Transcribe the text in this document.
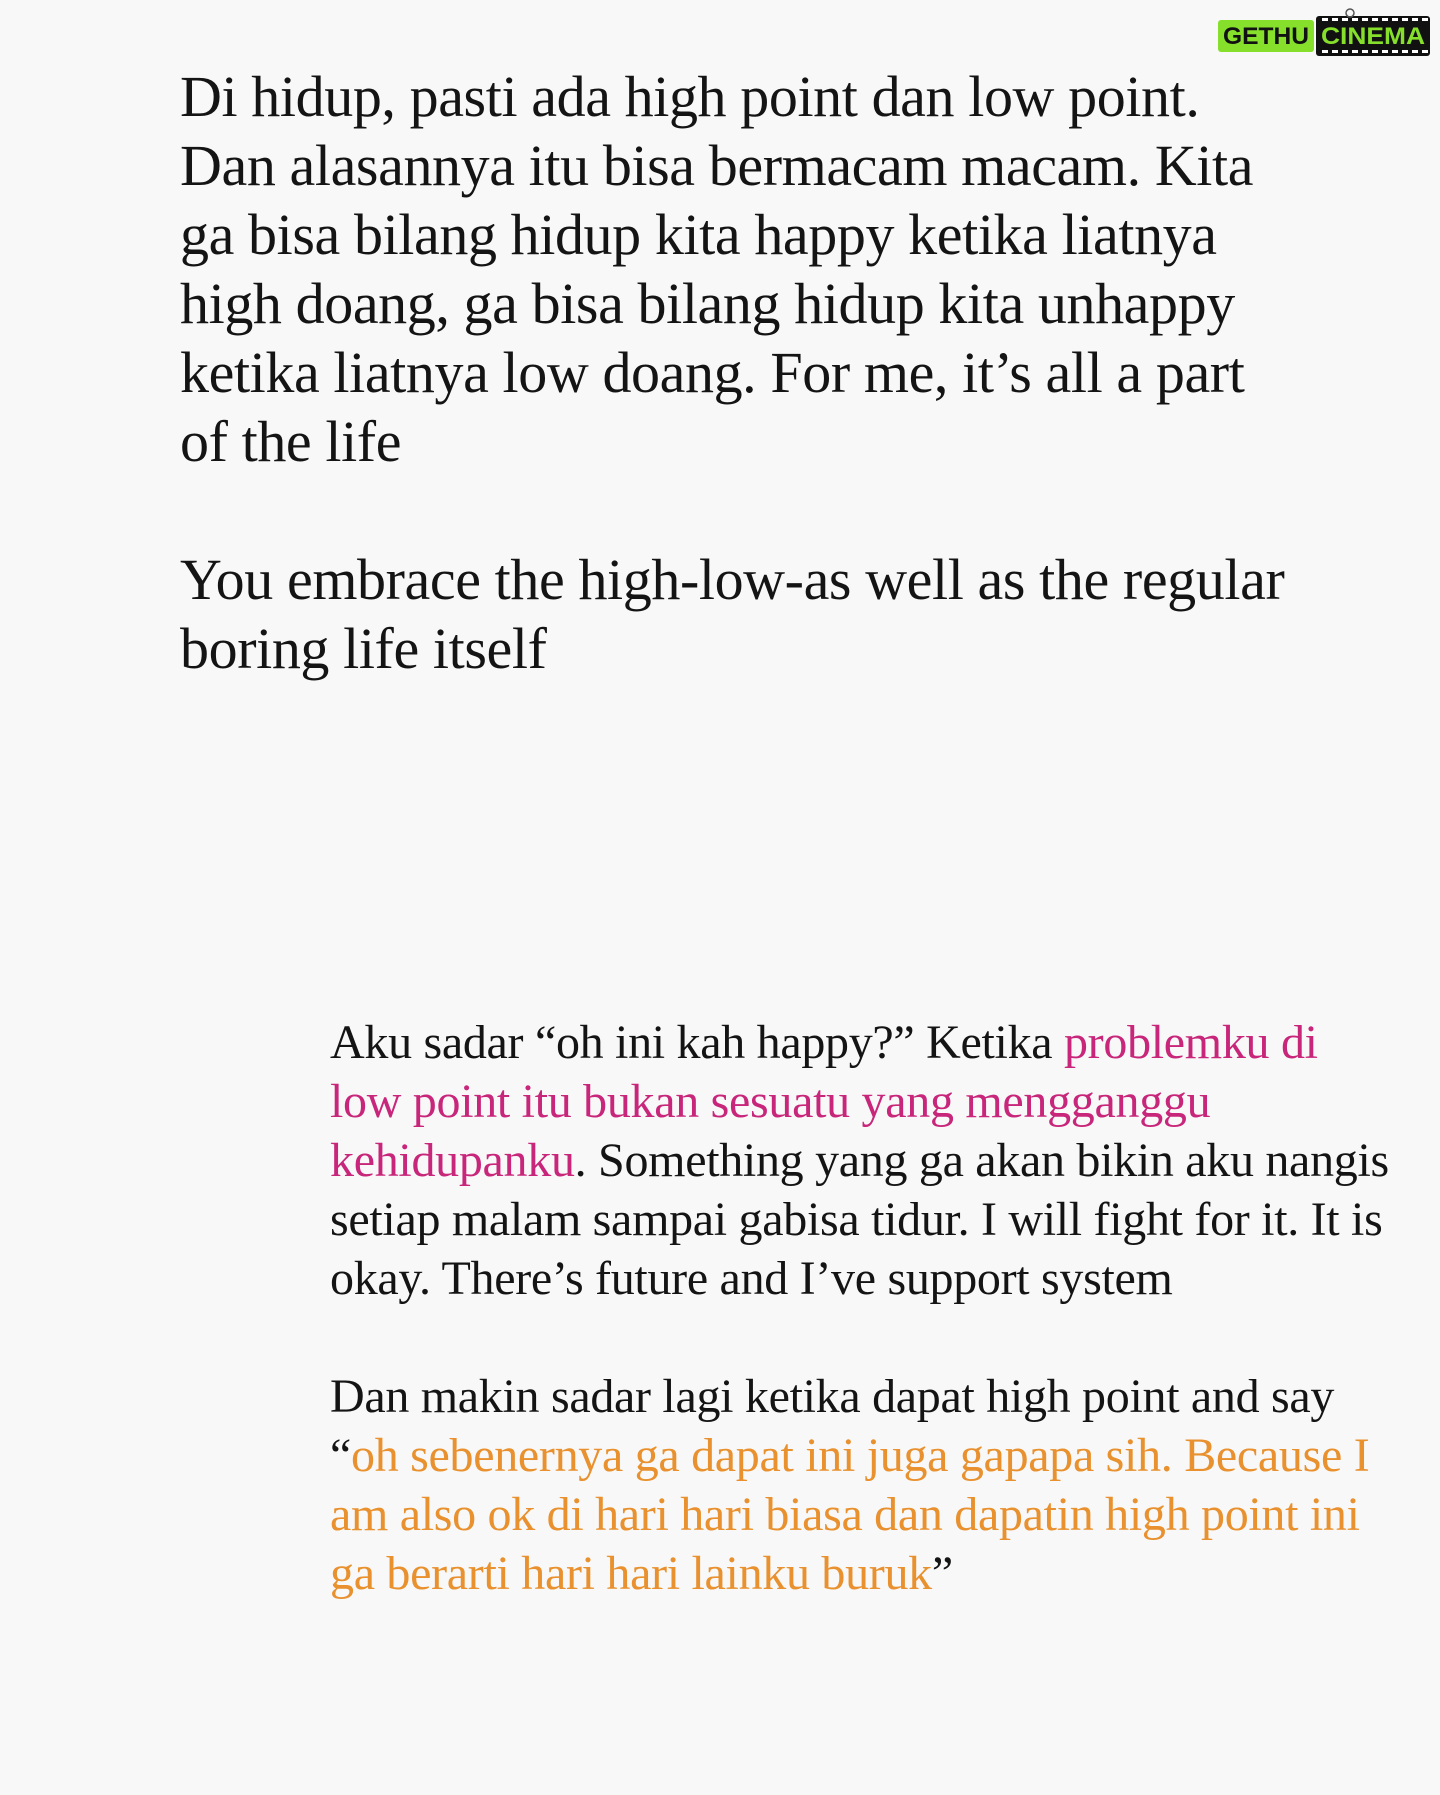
GETHU CINEMA

Di hidup, pasti ada high point dan low point. Dan alasannya itu bisa bermacam macam. Kita ga bisa bilang hidup kita happy ketika liatnya high doang, ga bisa bilang hidup kita unhappy ketika liatnya low doang. For me, it’s all a part of the life

You embrace the high-low-as well as the regular boring life itself

Aku sadar “oh ini kah happy?” Ketika problemku di low point itu bukan sesuatu yang mengganggu kehidupanku. Something yang ga akan bikin aku nangis setiap malam sampai gabisa tidur. I will fight for it. It is okay. There’s future and I’ve support system

Dan makin sadar lagi ketika dapat high point and say “oh sebenernya ga dapat ini juga gapapa sih. Because I am also ok di hari hari biasa dan dapatin high point ini ga berarti hari hari lainku buruk”
